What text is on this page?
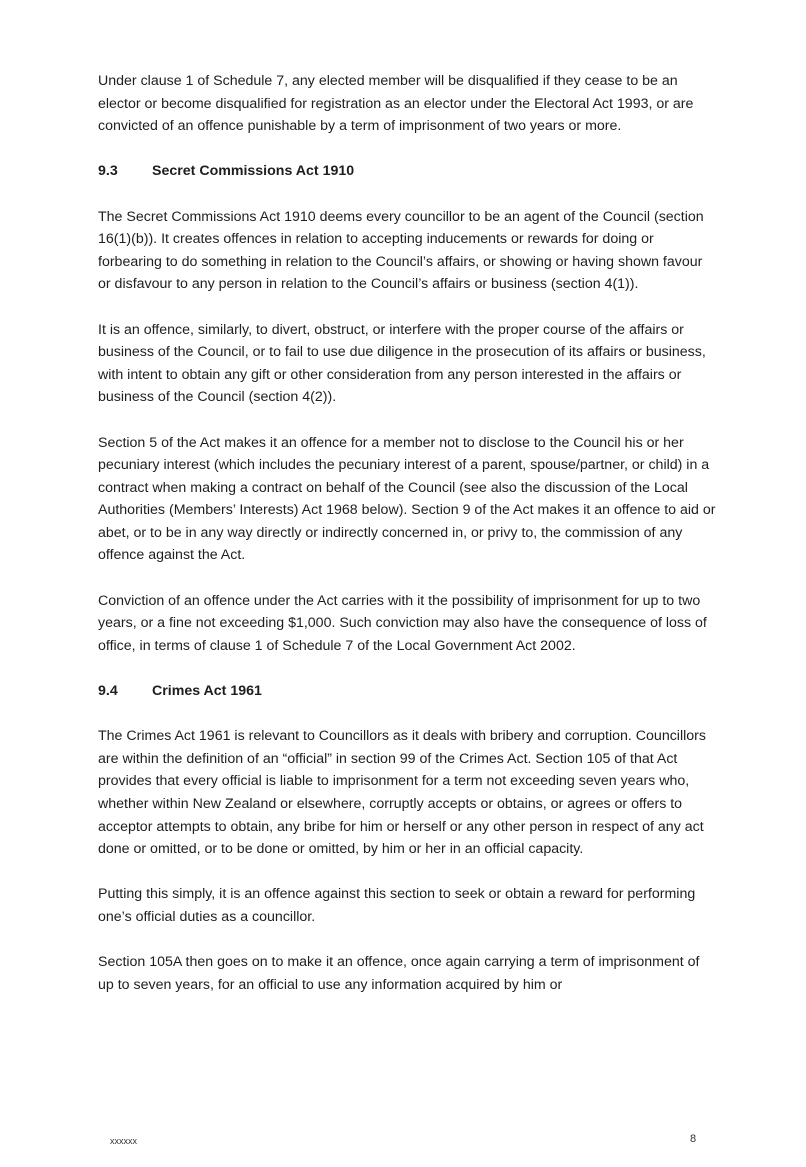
Under clause 1 of Schedule 7, any elected member will be disqualified if they cease to be an elector or become disqualified for registration as an elector under the Electoral Act 1993, or are convicted of an offence punishable by a term of imprisonment of two years or more.

9.3	Secret Commissions Act 1910

The Secret Commissions Act 1910 deems every councillor to be an agent of the Council (section 16(1)(b)). It creates offences in relation to accepting inducements or rewards for doing or forbearing to do something in relation to the Council’s affairs, or showing or having shown favour or disfavour to any person in relation to the Council’s affairs or business (section 4(1)).

It is an offence, similarly, to divert, obstruct, or interfere with the proper course of the affairs or business of the Council, or to fail to use due diligence in the prosecution of its affairs or business, with intent to obtain any gift or other consideration from any person interested in the affairs or business of the Council (section 4(2)).

Section 5 of the Act makes it an offence for a member not to disclose to the Council his or her pecuniary interest (which includes the pecuniary interest of a parent, spouse/partner, or child) in a contract when making a contract on behalf of the Council (see also the discussion of the Local Authorities (Members’ Interests) Act 1968 below). Section 9 of the Act makes it an offence to aid or abet, or to be in any way directly or indirectly concerned in, or privy to, the commission of any offence against the Act.

Conviction of an offence under the Act carries with it the possibility of imprisonment for up to two years, or a fine not exceeding $1,000. Such conviction may also have the consequence of loss of office, in terms of clause 1 of Schedule 7 of the Local Government Act 2002.

9.4	Crimes Act 1961

The Crimes Act 1961 is relevant to Councillors as it deals with bribery and corruption. Councillors are within the definition of an “official” in section 99 of the Crimes Act. Section 105 of that Act provides that every official is liable to imprisonment for a term not exceeding seven years who, whether within New Zealand or elsewhere, corruptly accepts or obtains, or agrees or offers to acceptor attempts to obtain, any bribe for him or herself or any other person in respect of any act done or omitted, or to be done or omitted, by him or her in an official capacity.

Putting this simply, it is an offence against this section to seek or obtain a reward for performing one’s official duties as a councillor.

Section 105A then goes on to make it an offence, once again carrying a term of imprisonment of up to seven years, for an official to use any information acquired by him or

xxxxxx	8
